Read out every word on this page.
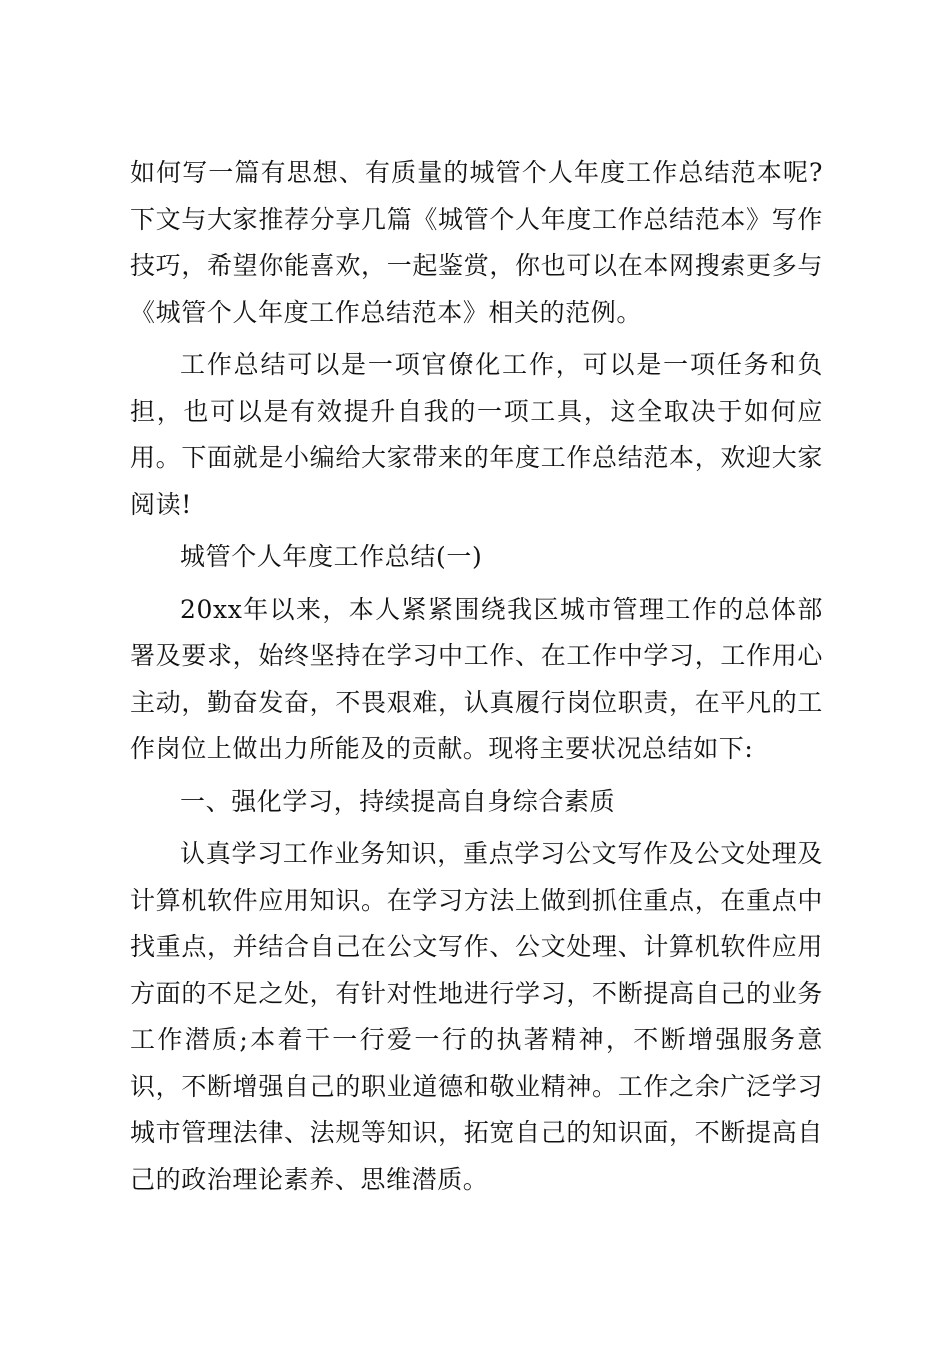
如何写一篇有思想、有质量的城管个人年度工作总结范本呢?下文与大家推荐分享几篇《城管个人年度工作总结范本》写作技巧，希望你能喜欢，一起鉴赏，你也可以在本网搜索更多与《城管个人年度工作总结范本》相关的范例。

工作总结可以是一项官僚化工作，可以是一项任务和负担，也可以是有效提升自我的一项工具，这全取决于如何应用。下面就是小编给大家带来的年度工作总结范本，欢迎大家阅读!

城管个人年度工作总结(一)

20xx年以来，本人紧紧围绕我区城市管理工作的总体部署及要求，始终坚持在学习中工作、在工作中学习，工作用心主动，勤奋发奋，不畏艰难，认真履行岗位职责，在平凡的工作岗位上做出力所能及的贡献。现将主要状况总结如下:

一、强化学习，持续提高自身综合素质

认真学习工作业务知识，重点学习公文写作及公文处理及计算机软件应用知识。在学习方法上做到抓住重点，在重点中找重点，并结合自己在公文写作、公文处理、计算机软件应用方面的不足之处，有针对性地进行学习，不断提高自己的业务工作潜质;本着干一行爱一行的执著精神，不断增强服务意识，不断增强自己的职业道德和敬业精神。工作之余广泛学习城市管理法律、法规等知识，拓宽自己的知识面，不断提高自己的政治理论素养、思维潜质。
